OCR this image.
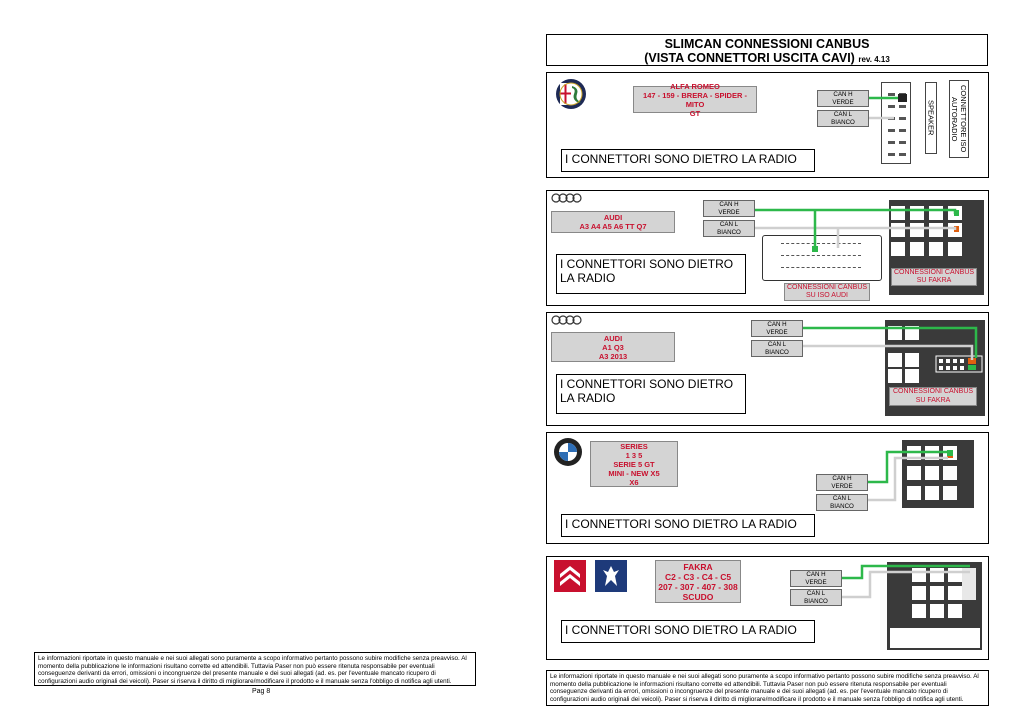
SLIMCAN CONNESSIONI CANBUS
(VISTA CONNETTORI USCITA CAVI) rev. 4.13
ALFA ROMEO
147 - 159 - BRERA - SPIDER - MITO
GT
CAN H
VERDE
CAN L
BIANCO	SPEAKER	CONNETTORE ISO AUTORADIO
I CONNETTORI SONO DIETRO LA RADIO
AUDI
A3 A4 A5 A6 TT Q7
CAN H
VERDE
CAN L
BIANCO
CONNESSIONI CANBUS SU ISO AUDI
CONNESSIONI CANBUS SU FAKRA
I CONNETTORI SONO DIETRO LA RADIO
AUDI
A1 Q3
A3 2013
CAN H
VERDE
CAN L
BIANCO
CONNESSIONI CANBUS SU FAKRA
I CONNETTORI SONO DIETRO LA RADIO
SERIES
1 3 5
SERIE 5 GT
MINI - NEW X5
X6	CAN H
VERDE
CAN L
BIANCO
I CONNETTORI SONO DIETRO LA RADIO
FAKRA
C2 - C3 - C4 - C5
207 - 307 - 407 - 308
SCUDO
CAN H
VERDE
CAN L
BIANCO
I CONNETTORI SONO DIETRO LA RADIO
Le informazioni riportate in questo manuale e nei suoi allegati sono puramente a scopo informativo pertanto possono subire modifiche senza preavviso. Al momento della pubblicazione le informazioni risultano corrette ed attendibili. Tuttavia Paser non può essere ritenuta responsabile per eventuali conseguenze derivanti da errori, omissioni o incongruenze del presente manuale e dei suoi allegati (ad. es. per l'eventuale mancato ricupero di configurazioni audio originali dei veicoli). Paser si riserva il diritto di migliorare/modificare il prodotto e il manuale senza l'obbligo di notifica agli utenti.
Pag 8
Le informazioni riportate in questo manuale e nei suoi allegati sono puramente a scopo informativo pertanto possono subire modifiche senza preavviso. Al momento della pubblicazione le informazioni risultano corrette ed attendibili. Tuttavia Paser non può essere ritenuta responsabile per eventuali conseguenze derivanti da errori, omissioni o incongruenze del presente manuale e dei suoi allegati (ad. es. per l'eventuale mancato ricupero di configurazioni audio originali dei veicoli). Paser si riserva il diritto di migliorare/modificare il prodotto e il manuale senza l'obbligo di notifica agli utenti.
